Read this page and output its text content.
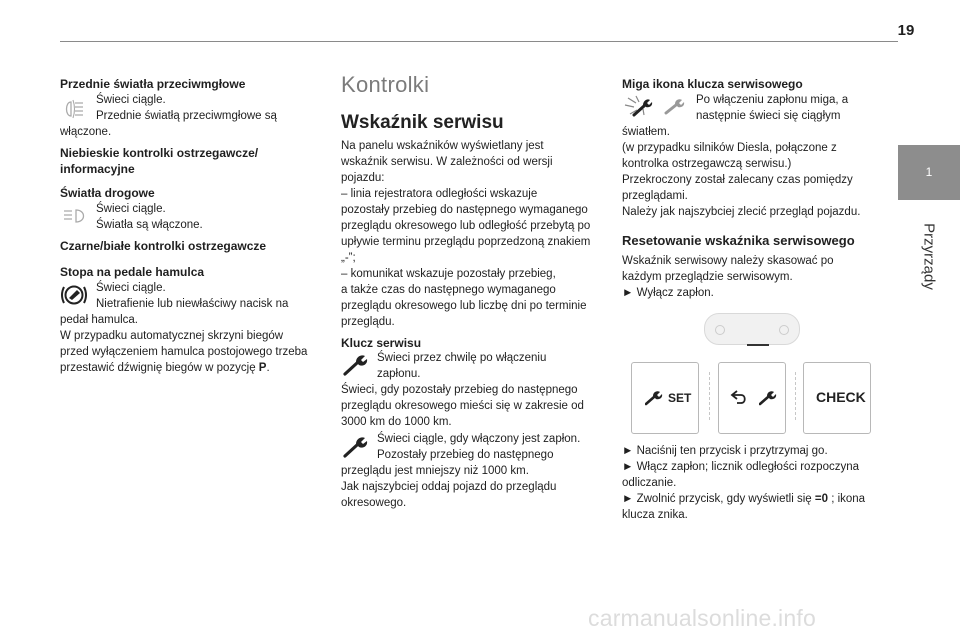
19
1
Przyrządy

Przednie światła przeciwmgłowe

Świeci ciągle.

Przednie światłą przeciwmgłowe są

włączone.

Niebieskie kontrolki ostrzegawcze/

informacyjne

Światła drogowe

Świeci ciągle.

Światła są włączone.

Czarne/białe kontrolki ostrzegawcze

Stopa na pedale hamulca

Świeci ciągle.

Nietrafienie lub niewłaściwy nacisk na

pedał hamulca.
W przypadku automatycznej skrzyni biegów
przed wyłączeniem hamulca postojowego trzeba
przestawić dźwignię biegów w pozycję P.

Kontrolki

Wskaźnik serwisu

Na panelu wskaźników wyświetlany jest
wskaźnik serwisu. W zależności od wersji
pojazdu:
– linia rejestratora odległości wskazuje
pozostały przebieg do następnego wymaganego
przeglądu okresowego lub odległość przebytą po
upływie terminu przeglądu poprzedzoną znakiem
„-”;
– komunikat wskazuje pozostały przebieg,
a także czas do następnego wymaganego
przeglądu okresowego lub liczbę dni po terminie
przeglądu.

Klucz serwisu

Świeci przez chwilę po włączeniu

zapłonu.

Świeci, gdy pozostały przebieg do następnego
przeglądu okresowego mieści się w zakresie od
3000 km do 1000 km.

Świeci ciągle, gdy włączony jest zapłon.

Pozostały przebieg do następnego

przeglądu jest mniejszy niż 1000 km.
Jak najszybciej oddaj pojazd do przeglądu
okresowego.

Miga ikona klucza serwisowego

Po włączeniu zapłonu miga, a

następnie świeci się ciągłym

światłem.
(w przypadku silników Diesla, połączone z
kontrolka ostrzegawczą serwisu.)
Przekroczony został zalecany czas pomiędzy
przeglądami.
Należy jak najszybciej zlecić przegląd pojazdu.

Resetowanie wskaźnika serwisowego

Wskaźnik serwisowy należy skasować po
każdym przeglądzie serwisowym.
► Wyłącz zapłon.

SET	CHECK

► Naciśnij ten przycisk i przytrzymaj go.
► Włącz zapłon; licznik odległości rozpoczyna
odliczanie.
► Zwolnić przycisk, gdy wyświetli się =0 ; ikona
klucza znika.

carmanualsonline.info
